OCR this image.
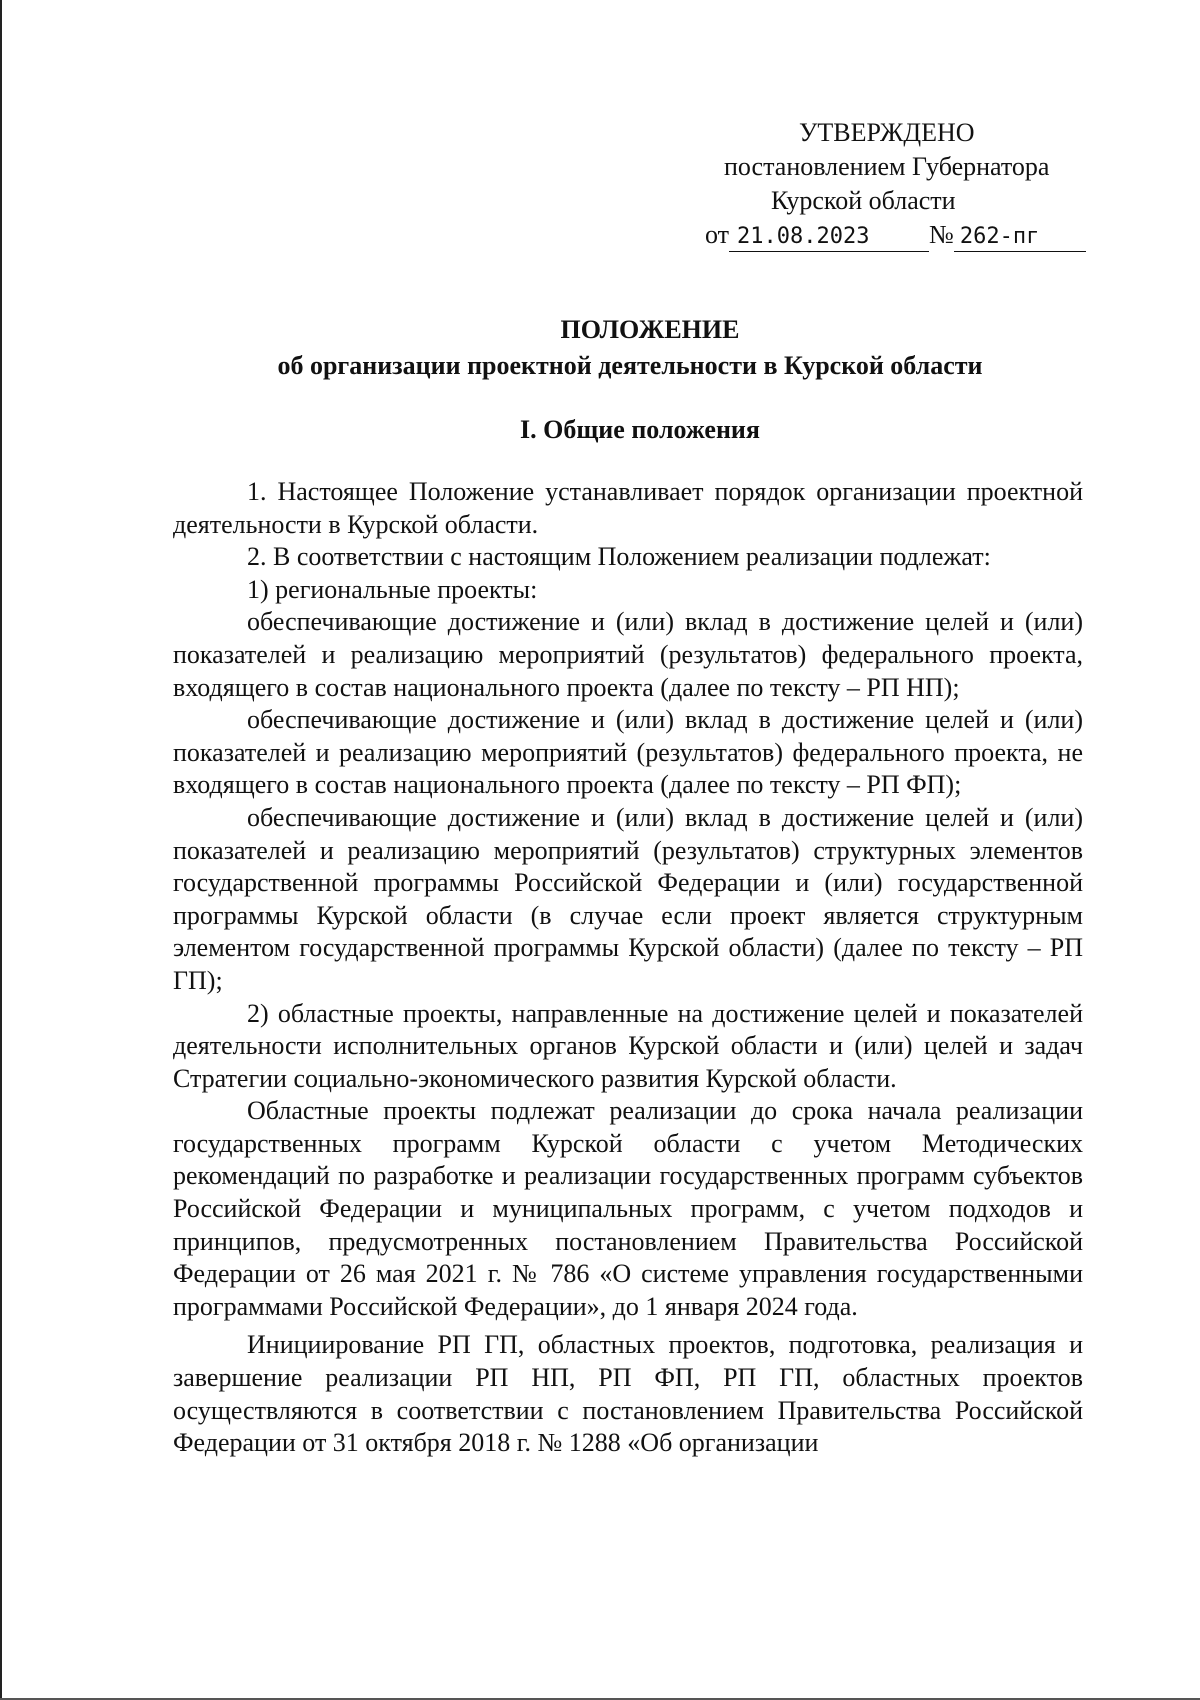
УТВЕРЖДЕНО
постановлением Губернатора
Курской области
от 21.08.2023 № 262-пг
ПОЛОЖЕНИЕ
об организации проектной деятельности в Курской области
I. Общие положения

1. Настоящее Положение устанавливает порядок организации проектной деятельности в Курской области.

2. В соответствии с настоящим Положением реализации подлежат:

1) региональные проекты:

обеспечивающие достижение и (или) вклад в достижение целей и (или) показателей и реализацию мероприятий (результатов) федерального проекта, входящего в состав национального проекта (далее по тексту – РП НП);

обеспечивающие достижение и (или) вклад в достижение целей и (или) показателей и реализацию мероприятий (результатов) федерального проекта, не входящего в состав национального проекта (далее по тексту – РП ФП);

обеспечивающие достижение и (или) вклад в достижение целей и (или) показателей и реализацию мероприятий (результатов) структурных элементов государственной программы Российской Федерации и (или) государственной программы Курской области (в случае если проект является структурным элементом государственной программы Курской области) (далее по тексту – РП ГП);

2) областные проекты, направленные на достижение целей и показателей деятельности исполнительных органов Курской области и (или) целей и задач Стратегии социально-экономического развития Курской области.

Областные проекты подлежат реализации до срока начала реализации государственных программ Курской области с учетом Методических рекомендаций по разработке и реализации государственных программ субъектов Российской Федерации и муниципальных программ, с учетом подходов и принципов, предусмотренных постановлением Правительства Российской Федерации от 26 мая 2021 г. № 786 «О системе управления государственными программами Российской Федерации», до 1 января 2024 года.

Инициирование РП ГП, областных проектов, подготовка, реализация и завершение реализации РП НП, РП ФП, РП ГП, областных проектов осуществляются в соответствии с постановлением Правительства Российской Федерации от 31 октября 2018 г. № 1288 «Об организации
